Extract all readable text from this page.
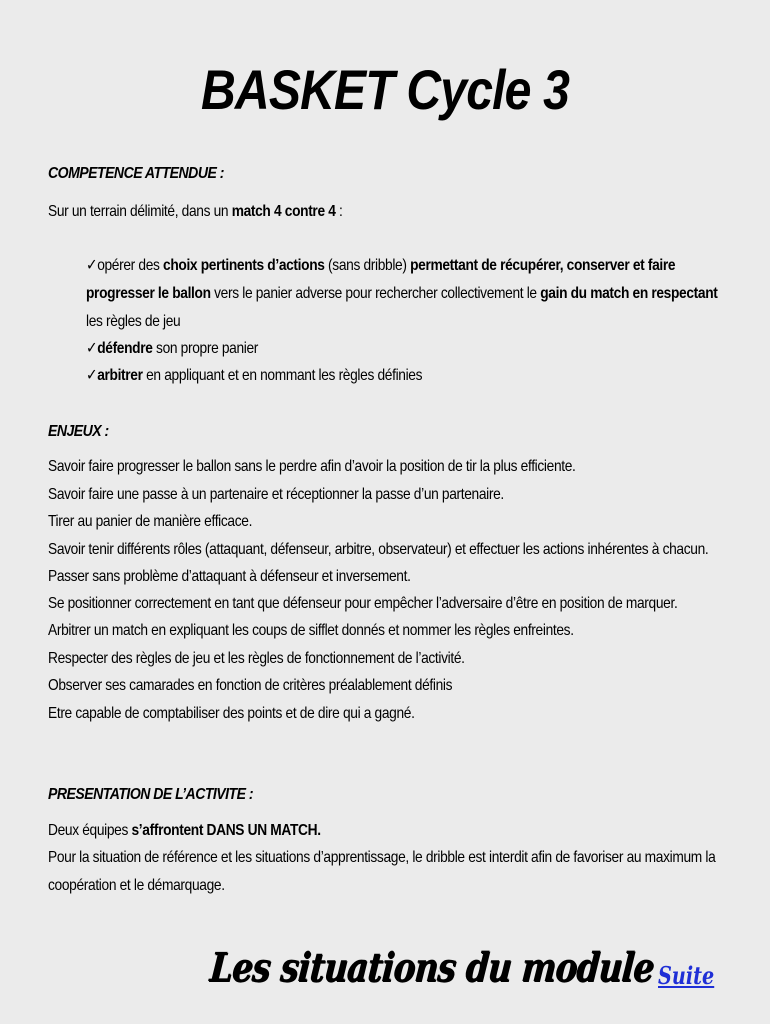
BASKET Cycle 3
COMPETENCE ATTENDUE :
Sur un terrain délimité, dans un match 4 contre 4 :
✓opérer des choix pertinents d’actions (sans dribble) permettant de récupérer, conserver et faire
progresser le ballon vers le panier adverse pour rechercher collectivement le gain du match en respectant
les règles de jeu
✓défendre son propre panier
✓arbitrer en appliquant et en nommant les règles définies
ENJEUX :
Savoir faire progresser le ballon sans le perdre afin d’avoir la position de tir la plus efficiente.
Savoir faire une passe à un partenaire et réceptionner la passe d’un partenaire.
Tirer au panier de manière efficace.
Savoir tenir différents rôles (attaquant, défenseur, arbitre, observateur) et effectuer les actions inhérentes à chacun.
Passer sans problème d’attaquant à défenseur et inversement.
Se positionner correctement en tant que défenseur pour empêcher l’adversaire d’être en position de marquer.
Arbitrer un match en expliquant les coups de sifflet donnés et nommer les règles enfreintes.
Respecter des règles de jeu et les règles de fonctionnement de l’activité.
Observer ses camarades en fonction de critères préalablement définis
Etre capable de comptabiliser des points et de dire qui a gagné.
PRESENTATION DE L’ACTIVITE :
Deux équipes s’affrontent DANS UN MATCH.
Pour la situation de référence et les situations d’apprentissage, le dribble est interdit afin de favoriser au maximum la
coopération et le démarquage.
Les situations du module Suite
